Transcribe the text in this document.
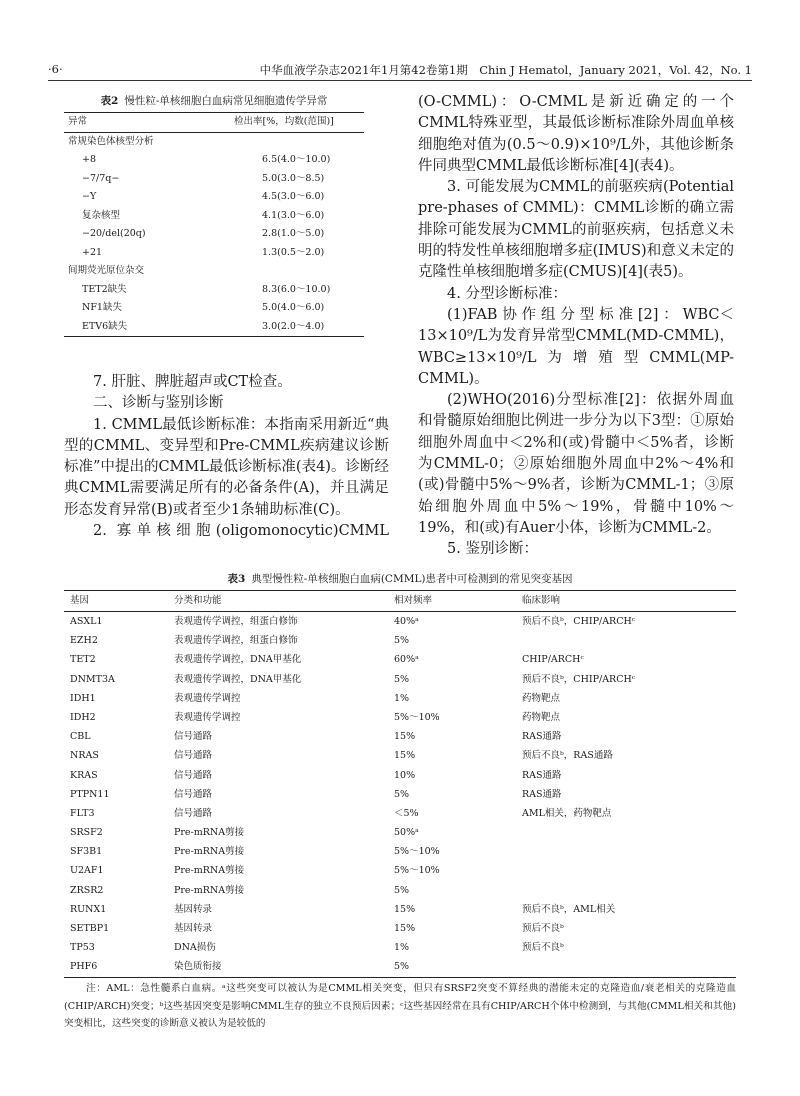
·6·	中华血液学杂志2021年1月第42卷第1期　Chin J Hematol，January 2021，Vol. 42，No. 1
表2 慢性粒-单核细胞白血病常见细胞遗传学异常
异常	检出率[%，均数(范围)]
常规染色体核型分析
+8	6.5(4.0～10.0)
−7/7q−	5.0(3.0～8.5)
−Y	4.5(3.0～6.0)
复杂核型	4.1(3.0～6.0)
−20/del(20q)	2.8(1.0～5.0)
+21	1.3(0.5～2.0)
间期荧光原位杂交
TET2缺失	8.3(6.0～10.0)
NF1缺失	5.0(4.0～6.0)
ETV6缺失	3.0(2.0～4.0)

7. 肝脏、脾脏超声或CT检查。

二、诊断与鉴别诊断

1. CMML最低诊断标准：本指南采用新近“典型的CMML、变异型和Pre-CMML疾病建议诊断标准”中提出的CMML最低诊断标准(表4)。诊断经典CMML需要满足所有的必备条件(A)，并且满足形态发育异常(B)或者至少1条辅助标准(C)。

2. 寡单核细胞(oligomonocytic)CMML

(O-CMML)：O-CMML是新近确定的一个CMML特殊亚型，其最低诊断标准除外周血单核细胞绝对值为(0.5～0.9)×10⁹/L外，其他诊断条件同典型CMML最低诊断标准[4](表4)。

3. 可能发展为CMML的前驱疾病(Potential pre-phases of CMML)：CMML诊断的确立需排除可能发展为CMML的前驱疾病，包括意义未明的特发性单核细胞增多症(IMUS)和意义未定的克隆性单核细胞增多症(CMUS)[4](表5)。

4. 分型诊断标准：

(1)FAB协作组分型标准[2]：WBC＜13×10⁹/L为发育异常型CMML(MD-CMML)，WBC≥13×10⁹/L为增殖型CMML(MP-CMML)。

(2)WHO(2016)分型标准[2]：依据外周血和骨髓原始细胞比例进一步分为以下3型：①原始细胞外周血中＜2%和(或)骨髓中＜5%者，诊断为CMML-0；②原始细胞外周血中2%～4%和(或)骨髓中5%～9%者，诊断为CMML-1；③原始细胞外周血中5%～19%，骨髓中10%～19%，和(或)有Auer小体，诊断为CMML-2。

5. 鉴别诊断：

表3 典型慢性粒-单核细胞白血病(CMML)患者中可检测到的常见突变基因
基因	分类和功能	相对频率	临床影响
ASXL1	表观遗传学调控，组蛋白修饰	40%ᵃ	预后不良ᵇ，CHIP/ARCHᶜ
EZH2	表观遗传学调控，组蛋白修饰	5%
TET2	表观遗传学调控，DNA甲基化	60%ᵃ	CHIP/ARCHᶜ
DNMT3A	表观遗传学调控，DNA甲基化	5%	预后不良ᵇ，CHIP/ARCHᶜ
IDH1	表观遗传学调控	1%	药物靶点
IDH2	表观遗传学调控	5%～10%	药物靶点
CBL	信号通路	15%	RAS通路
NRAS	信号通路	15%	预后不良ᵇ，RAS通路
KRAS	信号通路	10%	RAS通路
PTPN11	信号通路	5%	RAS通路
FLT3	信号通路	＜5%	AML相关，药物靶点
SRSF2	Pre-mRNA剪接	50%ᵃ
SF3B1	Pre-mRNA剪接	5%～10%
U2AF1	Pre-mRNA剪接	5%～10%
ZRSR2	Pre-mRNA剪接	5%
RUNX1	基因转录	15%	预后不良ᵇ，AML相关
SETBP1	基因转录	15%	预后不良ᵇ
TP53	DNA损伤	1%	预后不良ᵇ
PHF6	染色质衔接	5%

注：AML：急性髓系白血病。ᵃ这些突变可以被认为是CMML相关突变，但只有SRSF2突变不算经典的潜能未定的克隆造血/衰老相关的克隆造血(CHIP/ARCH)突变；ᵇ这些基因突变是影响CMML生存的独立不良预后因素；ᶜ这些基因经常在具有CHIP/ARCH个体中检测到，与其他(CMML相关和其他)突变相比，这些突变的诊断意义被认为是较低的
